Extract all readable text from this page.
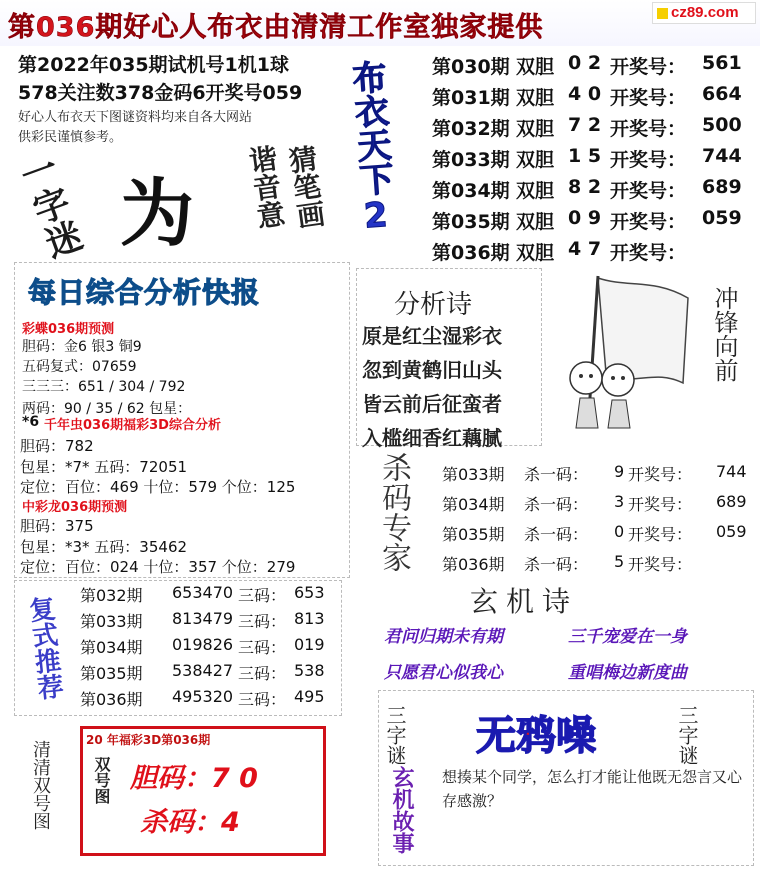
第036期好心人布衣由清清工作室独家提供	cz89.com
第2022年035期试机号1机1球
578关注数378金码6开奖号059
好心人布衣天下图谜资料均来自各大网站
供彩民谨慎参考。
一字迷 为	猜笔画
谐音意 布衣天下2
第030期 双胆 0 2 开奖号： 561
第031期 双胆 4 0 开奖号： 664
第032期 双胆 7 2 开奖号： 500
第033期 双胆 1 5 开奖号： 744
第034期 双胆 8 2 开奖号： 689
第035期 双胆 0 9 开奖号： 059
第036期 双胆 4 7 开奖号：
每日综合分析快报
彩蝶036期预测
胆码：金6 银3 铜9
五码复式：07659
三三三：651 / 304 / 792
两码：90 / 35 / 62 包星：
*6 千年虫036期福彩3D综合分析
胆码：782
包星：*7* 五码：72051
定位：百位：469 十位：579 个位：125
中彩龙036期预测
胆码：375
包星：*3* 五码：35462
定位：百位：024 十位：357 个位：279
分析诗
原是红尘湿彩衣
忽到黄鹤旧山头
皆云前后征蛮者
入槛细香红藕腻
冲锋向前
杀码专家 第033期 杀一码： 9 开奖号： 744
第034期 杀一码： 3 开奖号： 689
第035期 杀一码： 0 开奖号： 059
第036期 杀一码： 5 开奖号：
复式推荐 第032期 653470 三码： 653
第033期 813479 三码： 813
第034期 019826 三码： 019
第035期 538427 三码： 538
第036期 495320 三码： 495
玄机诗
君问归期未有期	三千宠爱在一身
只愿君心似我心	重唱梅边新度曲
清清双号图	20 年福彩3D第036期
双号图 胆码：7 0
杀码：4
三字谜	三字谜
玄机故事
无鸦噪
想揍某个同学，怎么打才能让他既无怨言又心存感激？
